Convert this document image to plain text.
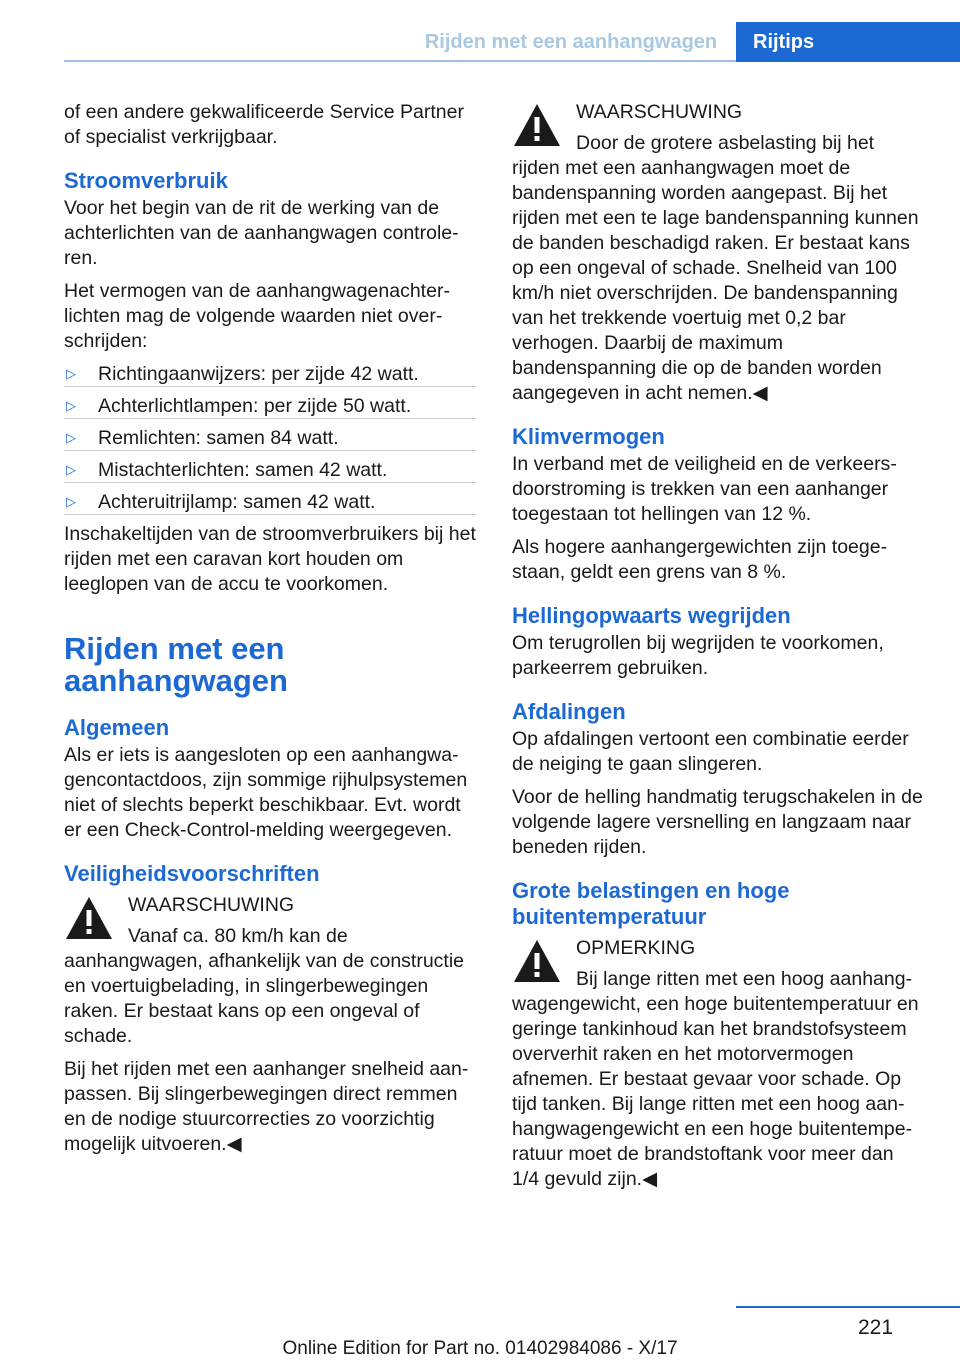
Rijden met een aanhangwagen	Rijtips

of een andere gekwalificeerde Service Partner of specialist verkrijgbaar.

Stroomverbruik

Voor het begin van de rit de werking van de achterlichten van de aanhangwagen controleren.

Het vermogen van de aanhangwagenachterlichten mag de volgende waarden niet overschrijden:

▷ Richtingaanwijzers: per zijde 42 watt.
▷ Achterlichtlampen: per zijde 50 watt.
▷ Remlichten: samen 84 watt.
▷ Mistachterlichten: samen 42 watt.
▷ Achteruitrijlamp: samen 42 watt.

Inschakeltijden van de stroomverbruikers bij het rijden met een caravan kort houden om leeglopen van de accu te voorkomen.

Rijden met een aanhangwagen
Algemeen

Als er iets is aangesloten op een aanhangwagencontactdoos, zijn sommige rijhulpsystemen niet of slechts beperkt beschikbaar. Evt. wordt er een Check-Control-melding weergegeven.

Veiligheidsvoorschriften
WAARSCHUWING

Vanaf ca. 80 km/h kan de aanhangwagen, afhankelijk van de constructie en voertuigbelading, in slingerbewegingen raken. Er bestaat kans op een ongeval of schade.

Bij het rijden met een aanhanger snelheid aanpassen. Bij slingerbewegingen direct remmen en de nodige stuurcorrecties zo voorzichtig mogelijk uitvoeren.◀

WAARSCHUWING

Door de grotere asbelasting bij het rijden met een aanhangwagen moet de bandenspanning worden aangepast. Bij het rijden met een te lage bandenspanning kunnen de banden beschadigd raken. Er bestaat kans op een ongeval of schade. Snelheid van 100 km/h niet overschrijden. De bandenspanning van het trekkende voertuig met 0,2 bar verhogen. Daarbij de maximum bandenspanning die op de banden worden aangegeven in acht nemen.◀

Klimvermogen

In verband met de veiligheid en de verkeersdoorstroming is trekken van een aanhanger toegestaan tot hellingen van 12 %.

Als hogere aanhangergewichten zijn toegestaan, geldt een grens van 8 %.

Hellingopwaarts wegrijden

Om terugrollen bij wegrijden te voorkomen, parkeerrem gebruiken.

Afdalingen

Op afdalingen vertoont een combinatie eerder de neiging te gaan slingeren.

Voor de helling handmatig terugschakelen in de volgende lagere versnelling en langzaam naar beneden rijden.

Grote belastingen en hoge buitentemperatuur
OPMERKING

Bij lange ritten met een hoog aanhangwagengewicht, een hoge buitentemperatuur en geringe tankinhoud kan het brandstofsysteem oververhit raken en het motorvermogen afnemen. Er bestaat gevaar voor schade. Op tijd tanken. Bij lange ritten met een hoog aanhangwagengewicht en een hoge buitentemperatuur moet de brandstoftank voor meer dan 1/4 gevuld zijn.◀

221
Online Edition for Part no. 01402984086 - X/17
